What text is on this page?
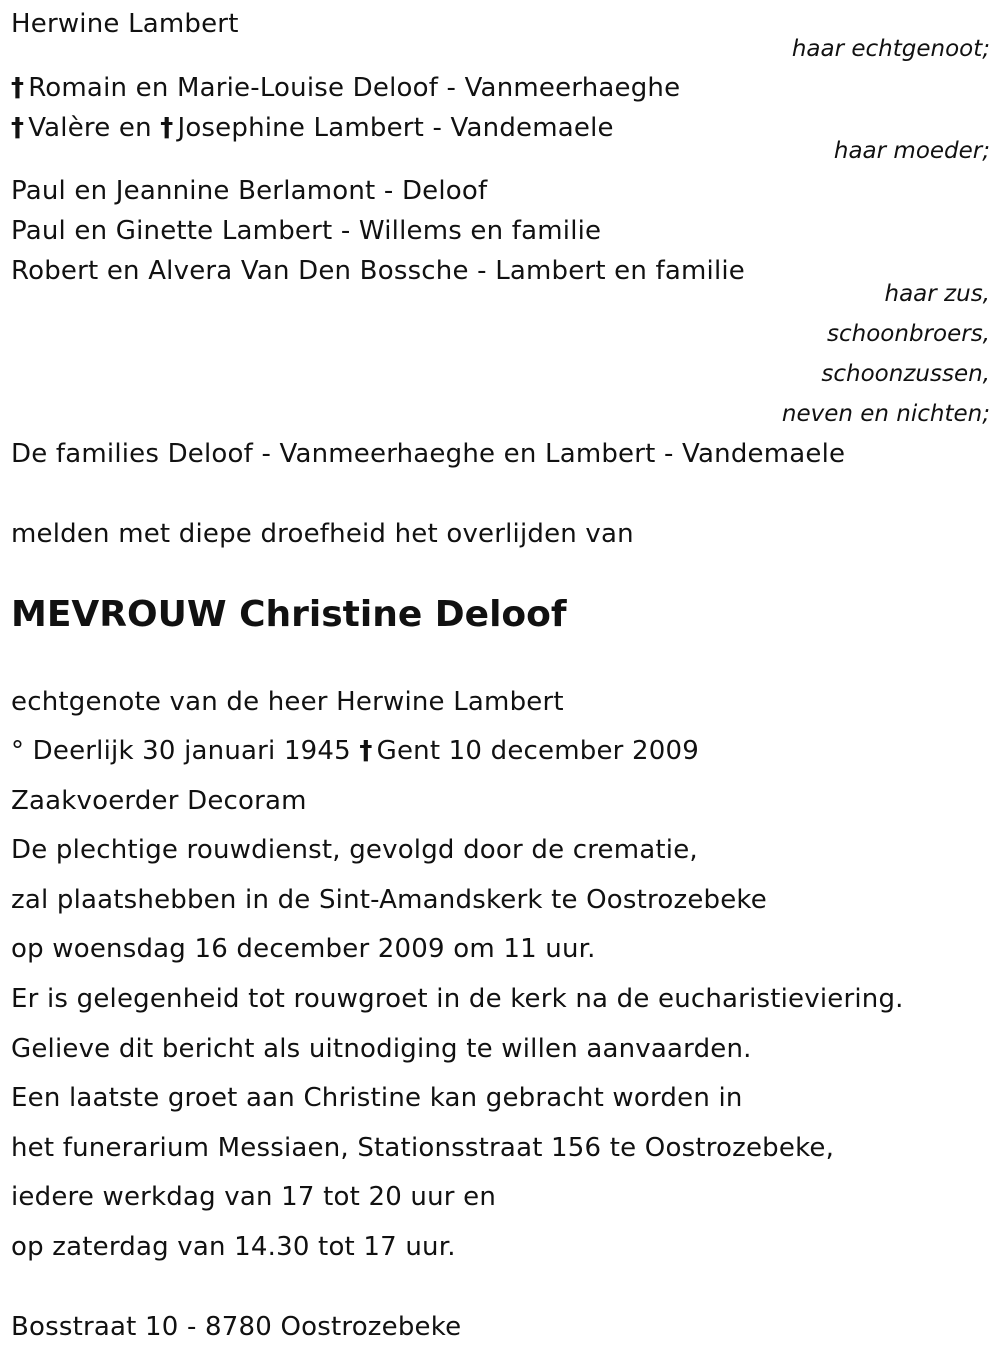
Herwine Lambert
haar echtgenoot;
† Romain en Marie-Louise Deloof - Vanmeerhaeghe
† Valère en † Josephine Lambert - Vandemaele
haar moeder;
Paul en Jeannine Berlamont - Deloof
Paul en Ginette Lambert - Willems en familie
Robert en Alvera Van Den Bossche - Lambert en familie
haar zus,
schoonbroers,
schoonzussen,
neven en nichten;
De families Deloof - Vanmeerhaeghe en Lambert - Vandemaele
melden met diepe droefheid het overlijden van
MEVROUW Christine Deloof
echtgenote van de heer Herwine Lambert
° Deerlijk 30 januari 1945 † Gent 10 december 2009
Zaakvoerder Decoram
De plechtige rouwdienst, gevolgd door de crematie,
zal plaatshebben in de Sint-Amandskerk te Oostrozebeke
op woensdag 16 december 2009 om 11 uur.
Er is gelegenheid tot rouwgroet in de kerk na de eucharistieviering.
Gelieve dit bericht als uitnodiging te willen aanvaarden.
Een laatste groet aan Christine kan gebracht worden in
het funerarium Messiaen, Stationsstraat 156 te Oostrozebeke,
iedere werkdag van 17 tot 20 uur en
op zaterdag van 14.30 tot 17 uur.
Bosstraat 10 - 8780 Oostrozebeke
